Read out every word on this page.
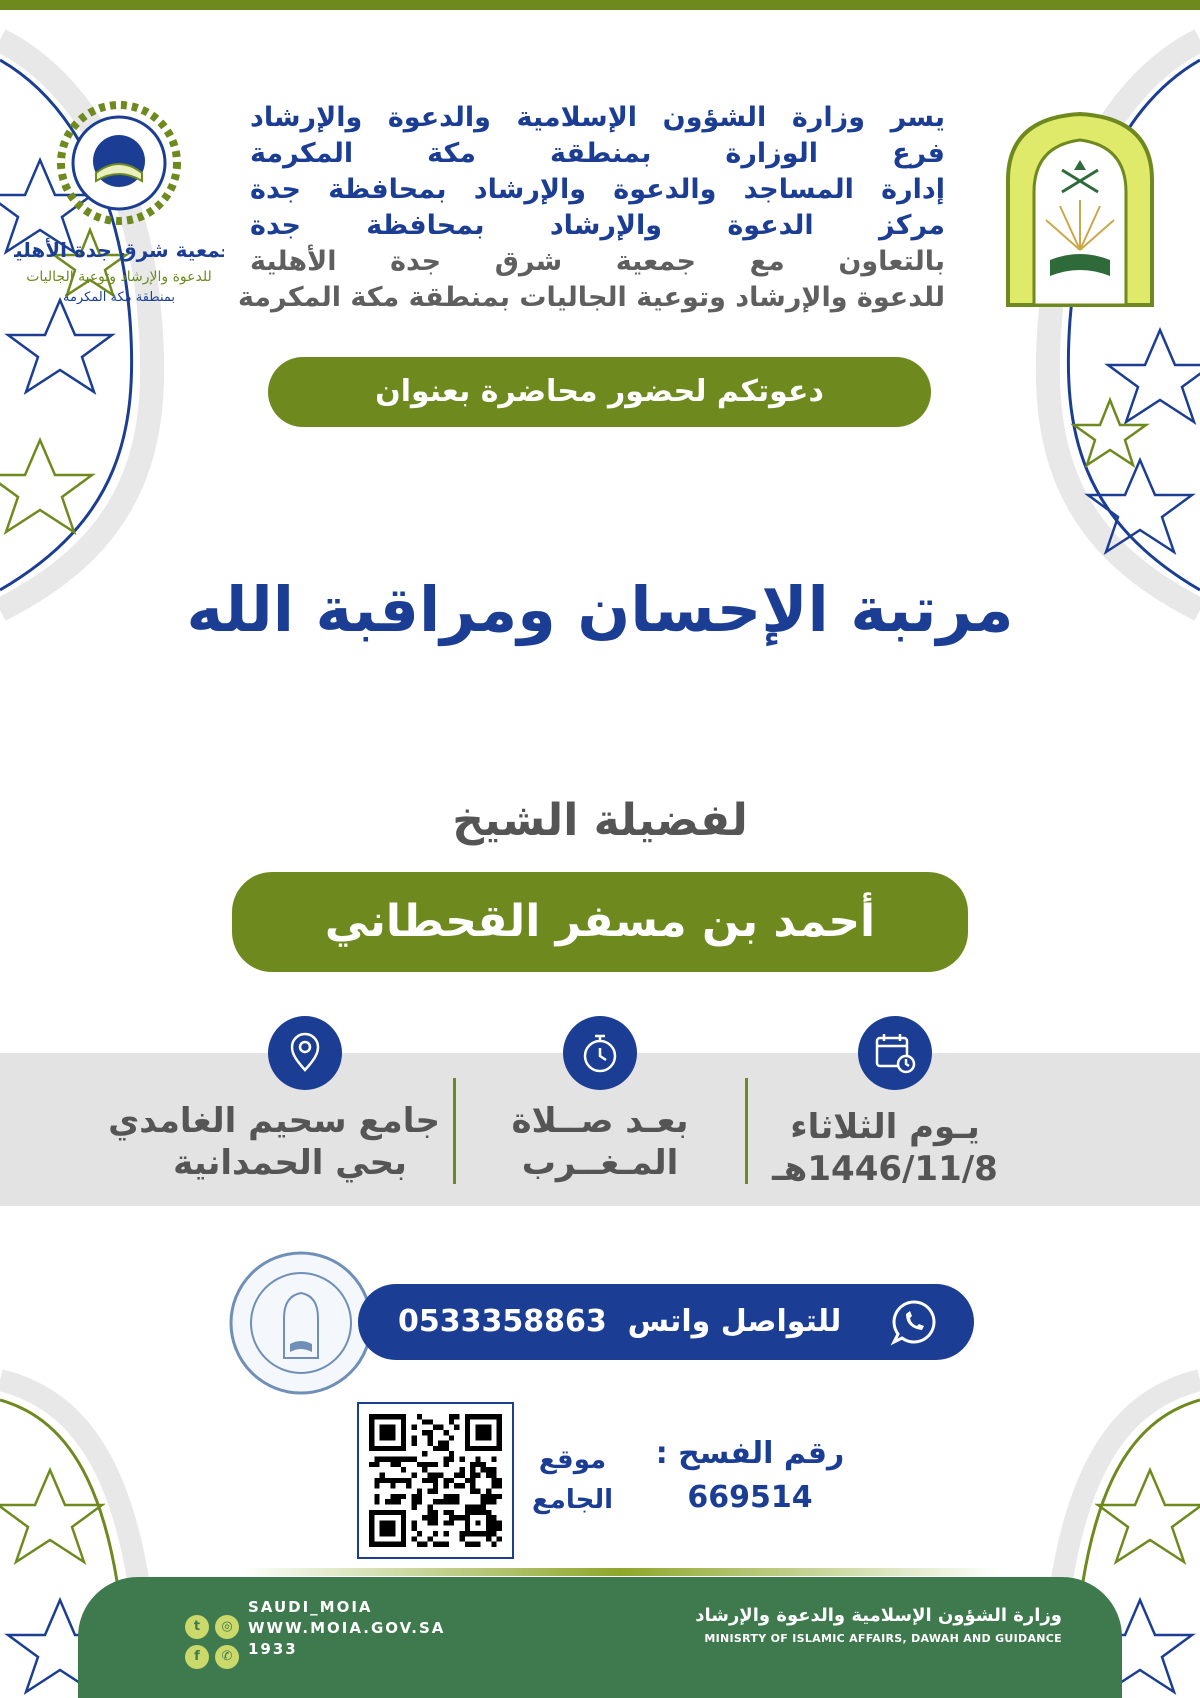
جمعية شرق جدة الأهلية
للدعوة والإرشاد وتوعية الجاليات
بمنطقة مكة المكرمة
يسر وزارة الشؤون الإسلامية والدعوة والإرشاد
فرع الوزارة بمنطقة مكة المكرمة
إدارة المساجد والدعوة والإرشاد بمحافظة جدة
مركز الدعوة والإرشاد بمحافظة جدة
بالتعاون مع جمعية شرق جدة الأهلية
للدعوة والإرشاد وتوعية الجاليات بمنطقة مكة المكرمة
دعوتكم لحضور محاضرة بعنوان
مرتبة الإحسان ومراقبة الله
لفضيلة الشيخ
أحمد بن مسفر القحطاني
يـوم الثلاثاء
1446/11/8هـ
بعـد صــلاة
المـغــرب
جامع سحيم الغامدي
بحي الحمدانية
للتواصل واتس  0533358863
موقع
الجامع
رقم الفسح :
669514
t	◎
f	✆
SAUDI_MOIA
WWW.MOIA.GOV.SA
1933
وزارة الشؤون الإسلامية والدعوة والإرشاد
MINISRTY OF ISLAMIC AFFAIRS, DAWAH AND GUIDANCE
